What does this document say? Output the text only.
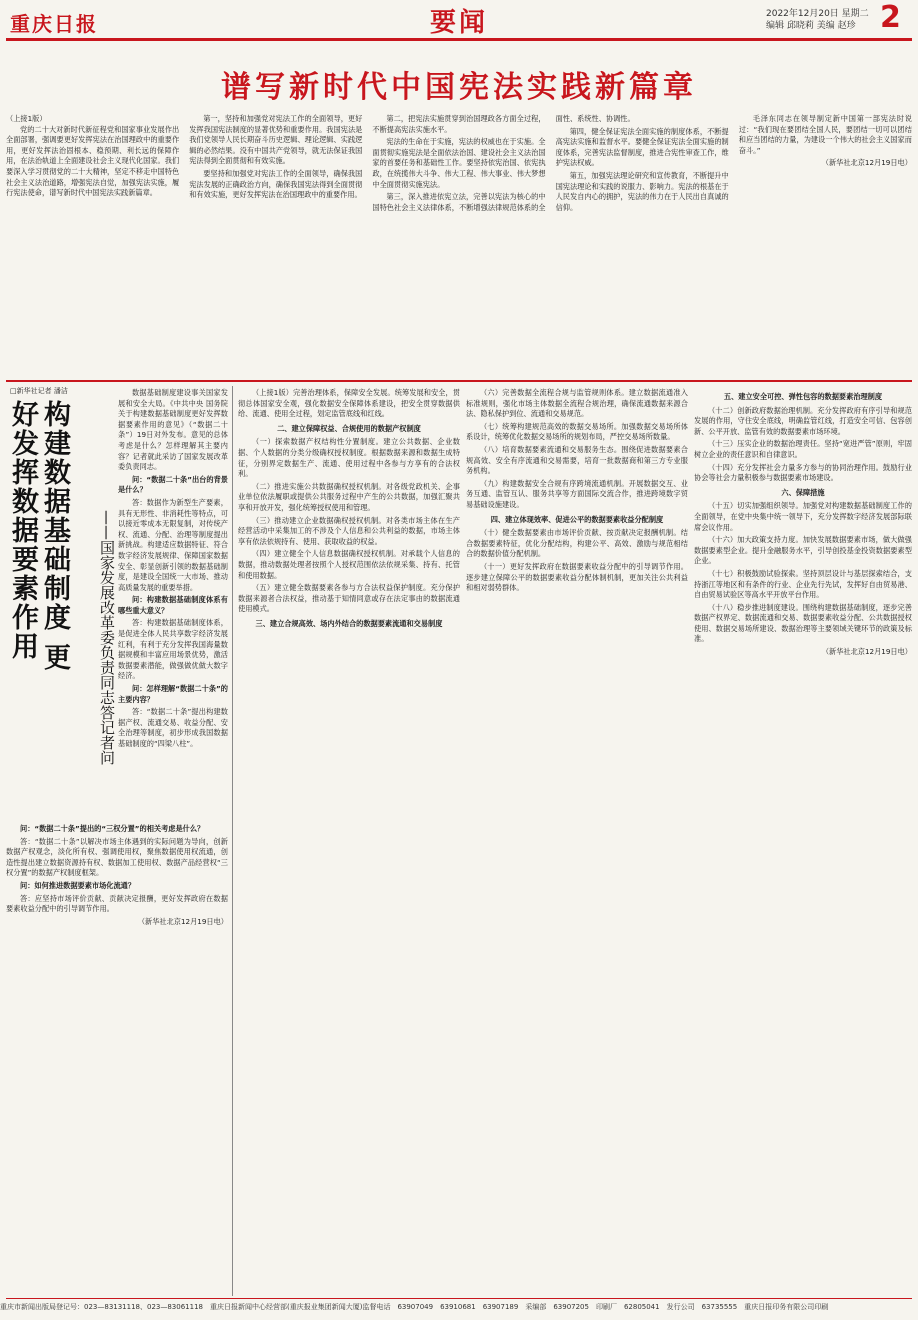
重庆日报	要闻	2022年12月20日 星期二
编辑 邱晓莉 美编 赵珍 2
谱写新时代中国宪法实践新篇章
（上接1版）

党的二十大对新时代新征程党和国家事业发展作出全面部署，强调要更好发挥宪法在治国理政中的重要作用，更好发挥法治固根本、稳预期、利长远的保障作用，在法治轨道上全面建设社会主义现代化国家。我们要深入学习贯彻党的二十大精神，坚定不移走中国特色社会主义法治道路，增强宪法自觉，加强宪法实施，履行宪法使命，谱写新时代中国宪法实践新篇章。

第一，坚持和加强党对宪法工作的全面领导，更好发挥我国宪法制度的显著优势和重要作用。我国宪法是我们党领导人民长期奋斗历史逻辑、理论逻辑、实践逻辑的必然结果。没有中国共产党领导，就无法保证我国宪法得到全面贯彻和有效实施。

要坚持和加强党对宪法工作的全面领导，确保我国宪法发展的正确政治方向，确保我国宪法得到全面贯彻和有效实施，更好发挥宪法在治国理政中的重要作用。

第二，把宪法实施贯穿到治国理政各方面全过程，不断提高宪法实施水平。

宪法的生命在于实施，宪法的权威也在于实施。全面贯彻实施宪法是全面依法治国、建设社会主义法治国家的首要任务和基础性工作。要坚持依宪治国、依宪执政，在统揽伟大斗争、伟大工程、伟大事业、伟大梦想中全面贯彻实施宪法。

第三，深入推进依宪立法，完善以宪法为核心的中国特色社会主义法律体系，不断增强法律规范体系的全面性、系统性、协调性。

第四，健全保证宪法全面实施的制度体系，不断提高宪法实施和监督水平。要健全保证宪法全面实施的制度体系，完善宪法监督制度，推进合宪性审查工作，维护宪法权威。

第五，加强宪法理论研究和宣传教育，不断提升中国宪法理论和实践的说服力、影响力。宪法的根基在于人民发自内心的拥护，宪法的伟力在于人民出自真诚的信仰。

毛泽东同志在领导制定新中国第一部宪法时说过：“我们现在要团结全国人民，要团结一切可以团结和应当团结的力量，为建设一个伟大的社会主义国家而奋斗。”

（新华社北京12月19日电）

□新华社记者 潘洁
构建数据基础制度 更好发挥数据要素作用	——国家发展改革委负责同志答记者问

数据基础制度建设事关国家发展和安全大局。《中共中央 国务院关于构建数据基础制度更好发挥数据要素作用的意见》（“数据二十条”）19日对外发布。意见的总体考虑是什么？怎样理解其主要内容？记者就此采访了国家发展改革委负责同志。

问：“数据二十条”出台的背景是什么？

答：数据作为新型生产要素，具有无形性、非消耗性等特点，可以接近零成本无限复制，对传统产权、流通、分配、治理等制度提出新挑战。构建适应数据特征、符合数字经济发展规律、保障国家数据安全、彰显创新引领的数据基础制度，是建设全国统一大市场、推动高质量发展的重要举措。

问：构建数据基础制度体系有哪些重大意义？

答：构建数据基础制度体系，是促进全体人民共享数字经济发展红利，有利于充分发挥我国海量数据规模和丰富应用场景优势，激活数据要素潜能，做强做优做大数字经济。

问：怎样理解“数据二十条”的主要内容？

答：“数据二十条”提出构建数据产权、流通交易、收益分配、安全治理等制度，初步形成我国数据基础制度的“四梁八柱”。

问：“数据二十条”提出的“三权分置”的相关考虑是什么？

答：“数据二十条”以解决市场主体遇到的实际问题为导向，创新数据产权观念，淡化所有权、强调使用权，聚焦数据使用权流通，创造性提出建立数据资源持有权、数据加工使用权、数据产品经营权“三权分置”的数据产权制度框架。

问：如何推进数据要素市场化流通？

答：应坚持市场评价贡献、贡献决定报酬，更好发挥政府在数据要素收益分配中的引导调节作用。

（新华社北京12月19日电）

（上接1版）完善治理体系，保障安全发展。统筹发展和安全，贯彻总体国家安全观，强化数据安全保障体系建设，把安全贯穿数据供给、流通、使用全过程，划定监管底线和红线。

二、建立保障权益、合规使用的数据产权制度

（一）探索数据产权结构性分置制度。建立公共数据、企业数据、个人数据的分类分级确权授权制度。根据数据来源和数据生成特征，分别界定数据生产、流通、使用过程中各参与方享有的合法权利。

（二）推进实施公共数据确权授权机制。对各级党政机关、企事业单位依法履职或提供公共服务过程中产生的公共数据，加强汇聚共享和开放开发，强化统筹授权使用和管理。

（三）推动建立企业数据确权授权机制。对各类市场主体在生产经营活动中采集加工的不涉及个人信息和公共利益的数据，市场主体享有依法依规持有、使用、获取收益的权益。

（四）建立健全个人信息数据确权授权机制。对承载个人信息的数据，推动数据处理者按照个人授权范围依法依规采集、持有、托管和使用数据。

（五）建立健全数据要素各参与方合法权益保护制度。充分保护数据来源者合法权益，推动基于知情同意或存在法定事由的数据流通使用模式。

三、建立合规高效、场内外结合的数据要素流通和交易制度

（六）完善数据全流程合规与监管规则体系。建立数据流通准入标准规则，强化市场主体数据全流程合规治理，确保流通数据来源合法、隐私保护到位、流通和交易规范。

（七）统筹构建规范高效的数据交易场所。加强数据交易场所体系设计，统筹优化数据交易场所的规划布局，严控交易场所数量。

（八）培育数据要素流通和交易服务生态。围绕促进数据要素合规高效、安全有序流通和交易需要，培育一批数据商和第三方专业服务机构。

（九）构建数据安全合规有序跨境流通机制。开展数据交互、业务互通、监管互认、服务共享等方面国际交流合作，推进跨境数字贸易基础设施建设。

四、建立体现效率、促进公平的数据要素收益分配制度

（十）健全数据要素由市场评价贡献、按贡献决定报酬机制。结合数据要素特征，优化分配结构，构建公平、高效、激励与规范相结合的数据价值分配机制。

（十一）更好发挥政府在数据要素收益分配中的引导调节作用。逐步建立保障公平的数据要素收益分配体制机制，更加关注公共利益和相对弱势群体。

五、建立安全可控、弹性包容的数据要素治理制度

（十二）创新政府数据治理机制。充分发挥政府有序引导和规范发展的作用，守住安全底线，明确监管红线，打造安全可信、包容创新、公平开放、监管有效的数据要素市场环境。

（十三）压实企业的数据治理责任。坚持“宽进严管”原则，牢固树立企业的责任意识和自律意识。

（十四）充分发挥社会力量多方参与的协同治理作用。鼓励行业协会等社会力量积极参与数据要素市场建设。

六、保障措施

（十五）切实加强组织领导。加强党对构建数据基础制度工作的全面领导，在党中央集中统一领导下，充分发挥数字经济发展部际联席会议作用。

（十六）加大政策支持力度。加快发展数据要素市场，做大做强数据要素型企业。提升金融服务水平，引导创投基金投资数据要素型企业。

（十七）积极鼓励试验探索。坚持顶层设计与基层探索结合，支持浙江等地区和有条件的行业、企业先行先试，发挥好自由贸易港、自由贸易试验区等高水平开放平台作用。

（十八）稳步推进制度建设。围绕构建数据基础制度，逐步完善数据产权界定、数据流通和交易、数据要素收益分配、公共数据授权使用、数据交易场所建设、数据治理等主要领域关键环节的政策及标准。

（新华社北京12月19日电）

重庆市新闻出版局登记号：023—83131118、023—83061118　重庆日报新闻中心经营部(重庆报业集团新闻大厦)监督电话　63907049　63910681　63907189　采编部　63907205　印刷厂　62805041　发行公司　63735555　重庆日报印务有限公司印刷
